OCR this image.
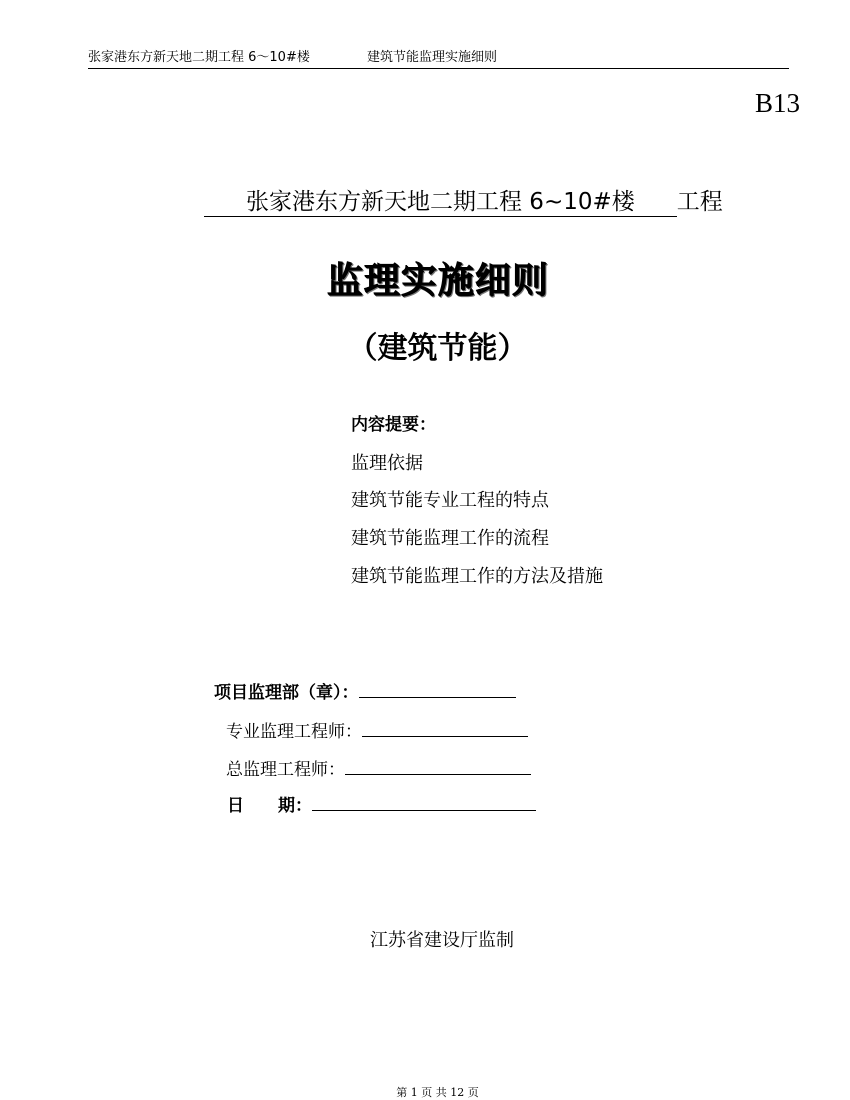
张家港东方新天地二期工程 6～10#楼	建筑节能监理实施细则
B13
张家港东方新天地二期工程 6~10#楼 工程
监理实施细则
（建筑节能）
内容提要：
监理依据
建筑节能专业工程的特点
建筑节能监理工作的流程
建筑节能监理工作的方法及措施
项目监理部（章）：
专业监理工程师：
总监理工程师：
日　　期：
江苏省建设厅监制
第 1 页 共 12 页
